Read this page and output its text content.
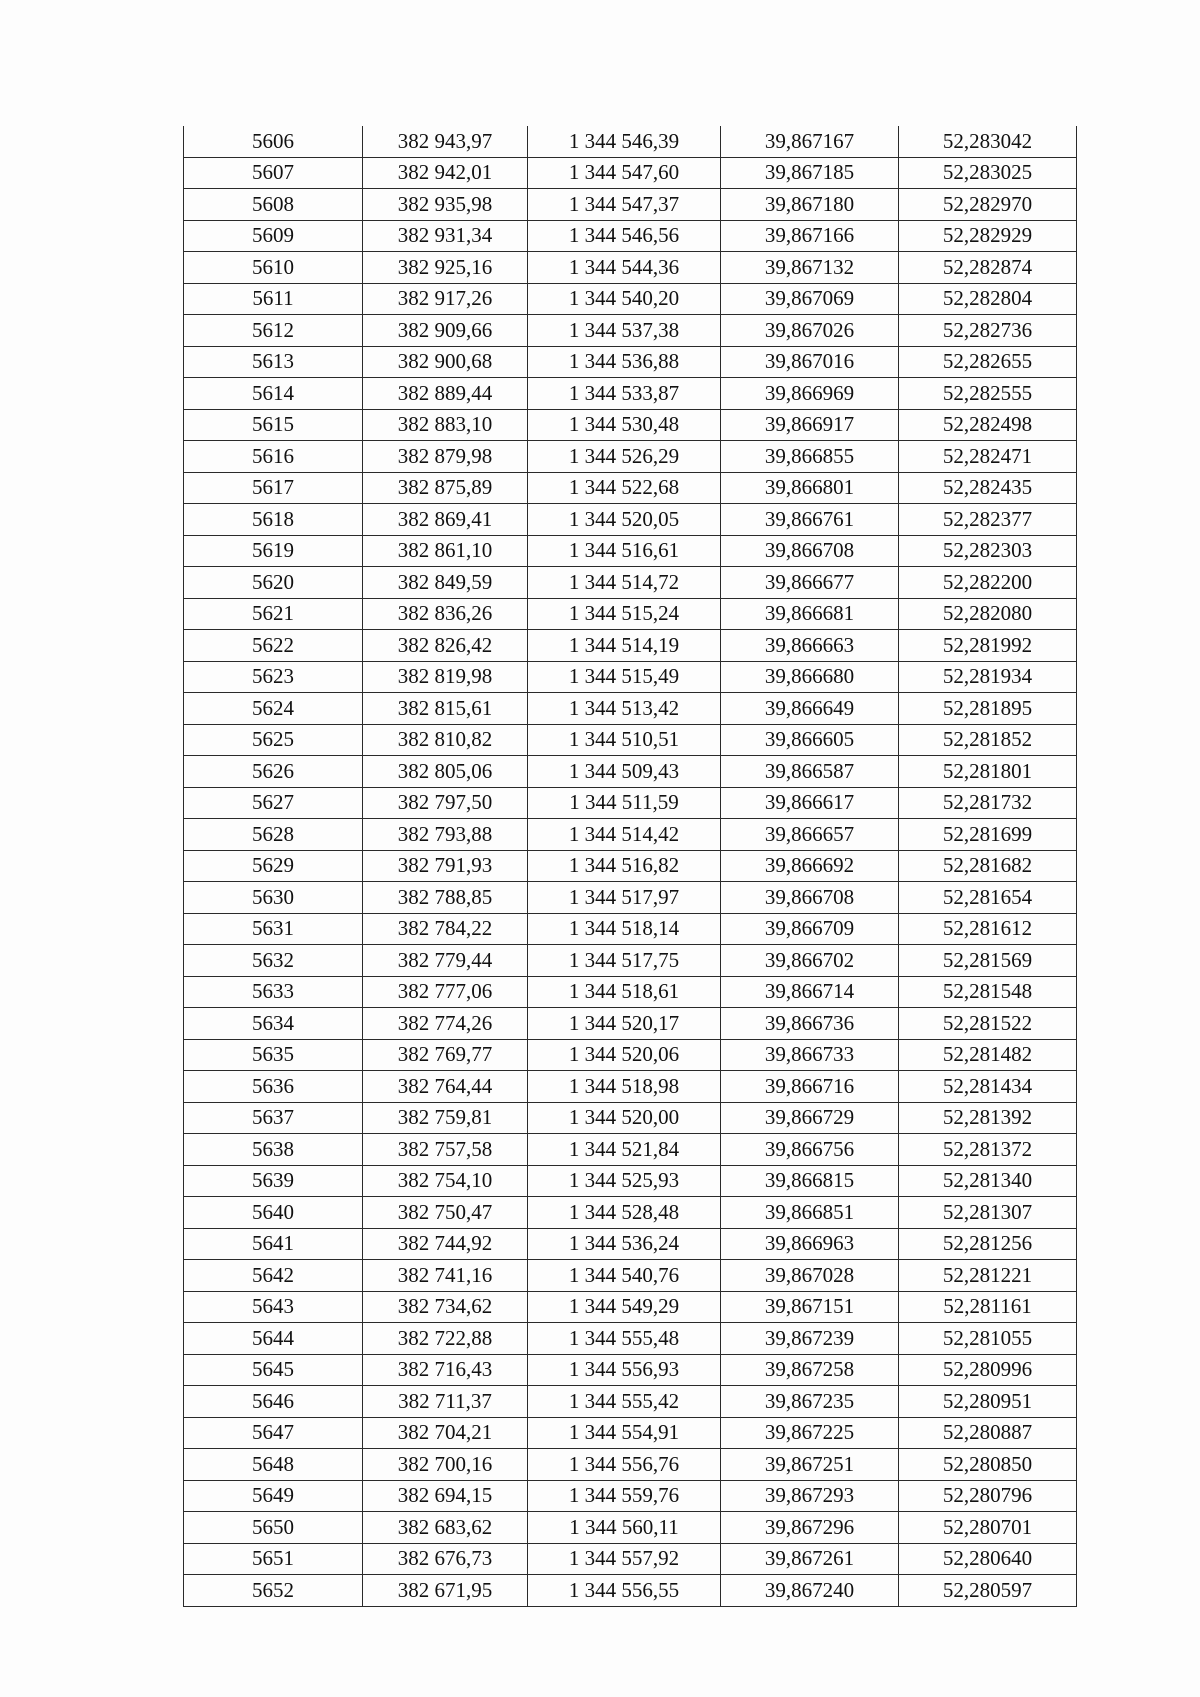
5606	382 943,97	1 344 546,39	39,867167	52,283042
5607	382 942,01	1 344 547,60	39,867185	52,283025
5608	382 935,98	1 344 547,37	39,867180	52,282970
5609	382 931,34	1 344 546,56	39,867166	52,282929
5610	382 925,16	1 344 544,36	39,867132	52,282874
5611	382 917,26	1 344 540,20	39,867069	52,282804
5612	382 909,66	1 344 537,38	39,867026	52,282736
5613	382 900,68	1 344 536,88	39,867016	52,282655
5614	382 889,44	1 344 533,87	39,866969	52,282555
5615	382 883,10	1 344 530,48	39,866917	52,282498
5616	382 879,98	1 344 526,29	39,866855	52,282471
5617	382 875,89	1 344 522,68	39,866801	52,282435
5618	382 869,41	1 344 520,05	39,866761	52,282377
5619	382 861,10	1 344 516,61	39,866708	52,282303
5620	382 849,59	1 344 514,72	39,866677	52,282200
5621	382 836,26	1 344 515,24	39,866681	52,282080
5622	382 826,42	1 344 514,19	39,866663	52,281992
5623	382 819,98	1 344 515,49	39,866680	52,281934
5624	382 815,61	1 344 513,42	39,866649	52,281895
5625	382 810,82	1 344 510,51	39,866605	52,281852
5626	382 805,06	1 344 509,43	39,866587	52,281801
5627	382 797,50	1 344 511,59	39,866617	52,281732
5628	382 793,88	1 344 514,42	39,866657	52,281699
5629	382 791,93	1 344 516,82	39,866692	52,281682
5630	382 788,85	1 344 517,97	39,866708	52,281654
5631	382 784,22	1 344 518,14	39,866709	52,281612
5632	382 779,44	1 344 517,75	39,866702	52,281569
5633	382 777,06	1 344 518,61	39,866714	52,281548
5634	382 774,26	1 344 520,17	39,866736	52,281522
5635	382 769,77	1 344 520,06	39,866733	52,281482
5636	382 764,44	1 344 518,98	39,866716	52,281434
5637	382 759,81	1 344 520,00	39,866729	52,281392
5638	382 757,58	1 344 521,84	39,866756	52,281372
5639	382 754,10	1 344 525,93	39,866815	52,281340
5640	382 750,47	1 344 528,48	39,866851	52,281307
5641	382 744,92	1 344 536,24	39,866963	52,281256
5642	382 741,16	1 344 540,76	39,867028	52,281221
5643	382 734,62	1 344 549,29	39,867151	52,281161
5644	382 722,88	1 344 555,48	39,867239	52,281055
5645	382 716,43	1 344 556,93	39,867258	52,280996
5646	382 711,37	1 344 555,42	39,867235	52,280951
5647	382 704,21	1 344 554,91	39,867225	52,280887
5648	382 700,16	1 344 556,76	39,867251	52,280850
5649	382 694,15	1 344 559,76	39,867293	52,280796
5650	382 683,62	1 344 560,11	39,867296	52,280701
5651	382 676,73	1 344 557,92	39,867261	52,280640
5652	382 671,95	1 344 556,55	39,867240	52,280597
